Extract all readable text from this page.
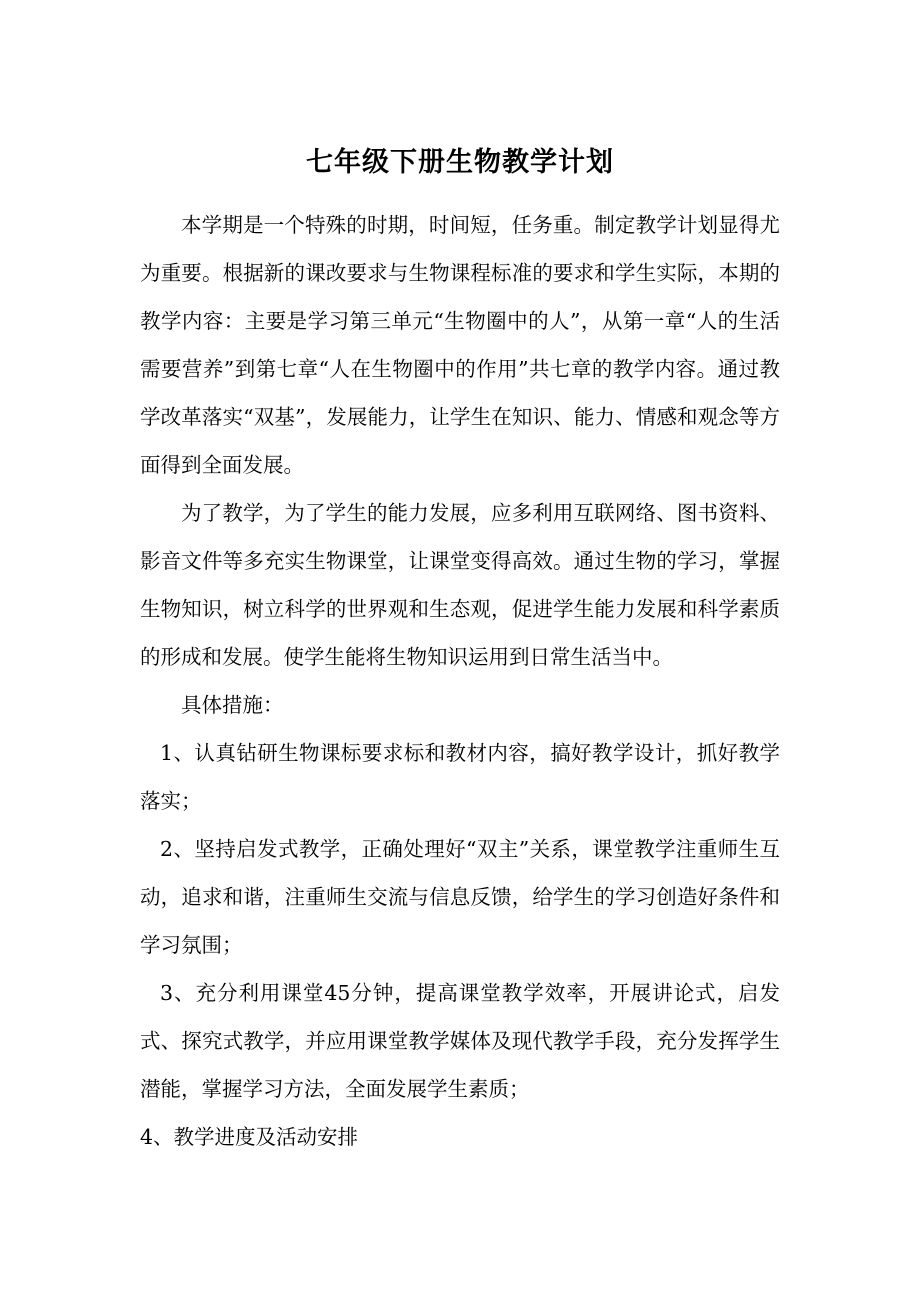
七年级下册生物教学计划

本学期是一个特殊的时期，时间短，任务重。制定教学计划显得尤为重要。根据新的课改要求与生物课程标准的要求和学生实际，本期的教学内容：主要是学习第三单元“生物圈中的人”，从第一章“人的生活需要营养”到第七章“人在生物圈中的作用”共七章的教学内容。通过教学改革落实“双基”，发展能力，让学生在知识、能力、情感和观念等方面得到全面发展。

为了教学，为了学生的能力发展，应多利用互联网络、图书资料、影音文件等多充实生物课堂，让课堂变得高效。通过生物的学习，掌握生物知识，树立科学的世界观和生态观，促进学生能力发展和科学素质的形成和发展。使学生能将生物知识运用到日常生活当中。

具体措施：

1、认真钻研生物课标要求标和教材内容，搞好教学设计，抓好教学落实；

2、坚持启发式教学，正确处理好“双主”关系，课堂教学注重师生互动，追求和谐，注重师生交流与信息反馈，给学生的学习创造好条件和学习氛围；

3、充分利用课堂45分钟，提高课堂教学效率，开展讲论式，启发式、探究式教学，并应用课堂教学媒体及现代教学手段，充分发挥学生潜能，掌握学习方法，全面发展学生素质；

4、教学进度及活动安排
